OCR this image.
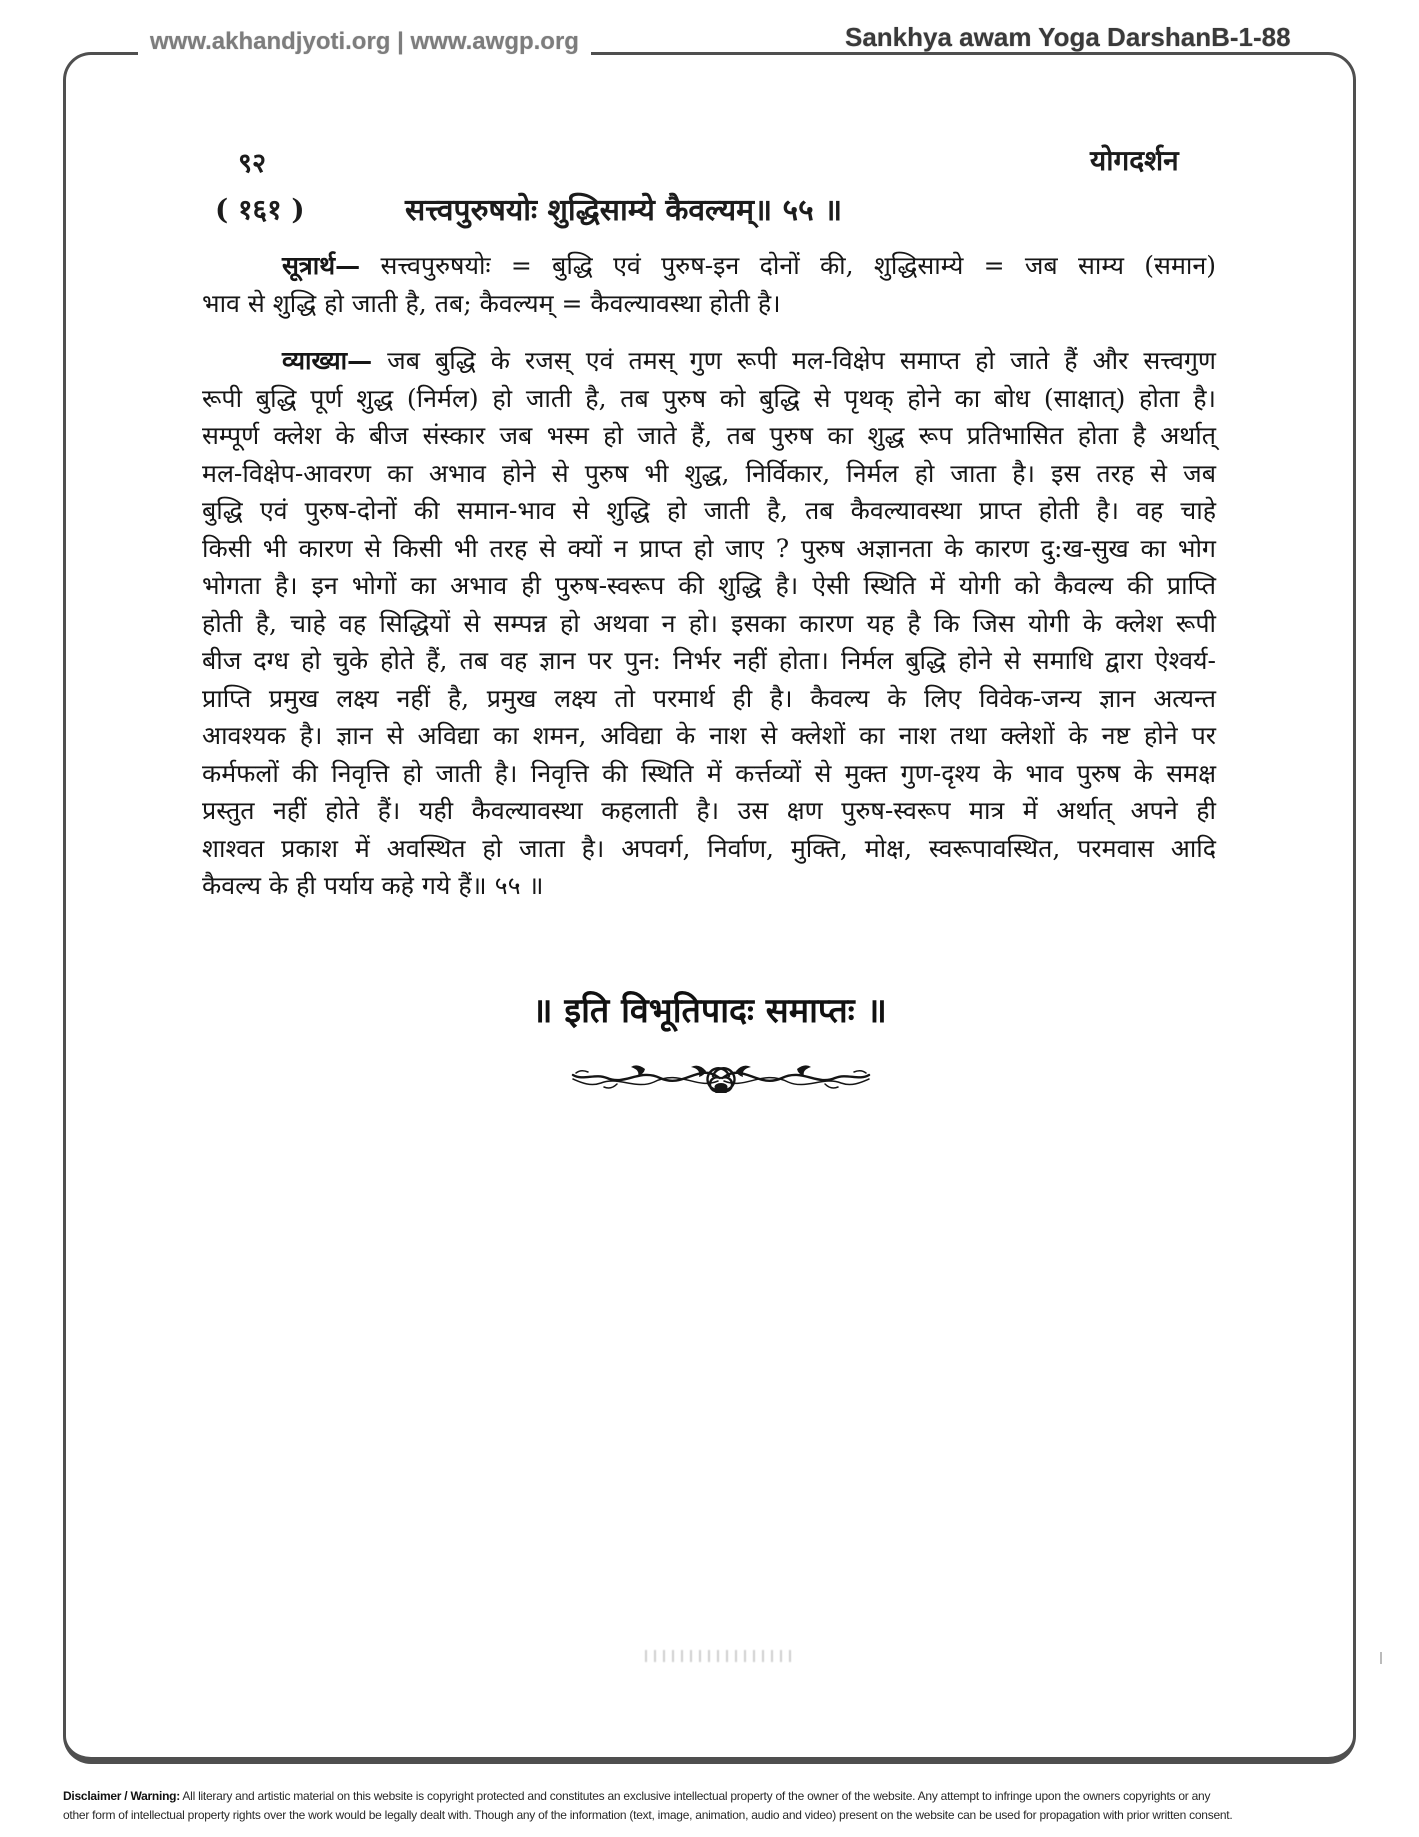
www.akhandjyoti.org | www.awgp.org	Sankhya awam Yoga DarshanB-1-88
९२	योगदर्शन
( १६१ )	सत्त्वपुरुषयोः शुद्धिसाम्ये कैवल्यम्॥ ५५ ॥
सूत्रार्थ— सत्त्वपुरुषयोः = बुद्धि एवं पुरुष-इन दोनों की, शुद्धिसाम्ये = जब साम्य (समान)
भाव से शुद्धि हो जाती है, तब; कैवल्यम् = कैवल्यावस्था होती है।
व्याख्या— जब बुद्धि के रजस् एवं तमस् गुण रूपी मल-विक्षेप समाप्त हो जाते हैं और सत्त्वगुण
रूपी बुद्धि पूर्ण शुद्ध (निर्मल) हो जाती है, तब पुरुष को बुद्धि से पृथक् होने का बोध (साक्षात्) होता है।
सम्पूर्ण क्लेश के बीज संस्कार जब भस्म हो जाते हैं, तब पुरुष का शुद्ध रूप प्रतिभासित होता है अर्थात्
मल-विक्षेप-आवरण का अभाव होने से पुरुष भी शुद्ध, निर्विकार, निर्मल हो जाता है। इस तरह से जब
बुद्धि एवं पुरुष-दोनों की समान-भाव से शुद्धि हो जाती है, तब कैवल्यावस्था प्राप्त होती है। वह चाहे
किसी भी कारण से किसी भी तरह से क्यों न प्राप्त हो जाए ? पुरुष अज्ञानता के कारण दु:ख-सुख का भोग
भोगता है। इन भोगों का अभाव ही पुरुष-स्वरूप की शुद्धि है। ऐसी स्थिति में योगी को कैवल्य की प्राप्ति
होती है, चाहे वह सिद्धियों से सम्पन्न हो अथवा न हो। इसका कारण यह है कि जिस योगी के क्लेश रूपी
बीज दग्ध हो चुके होते हैं, तब वह ज्ञान पर पुन: निर्भर नहीं होता। निर्मल बुद्धि होने से समाधि द्वारा ऐश्वर्य-
प्राप्ति प्रमुख लक्ष्य नहीं है, प्रमुख लक्ष्य तो परमार्थ ही है। कैवल्य के लिए विवेक-जन्य ज्ञान अत्यन्त
आवश्यक है। ज्ञान से अविद्या का शमन, अविद्या के नाश से क्लेशों का नाश तथा क्लेशों के नष्ट होने पर
कर्मफलों की निवृत्ति हो जाती है। निवृत्ति की स्थिति में कर्त्तव्यों से मुक्त गुण-दृश्य के भाव पुरुष के समक्ष
प्रस्तुत नहीं होते हैं। यही कैवल्यावस्था कहलाती है। उस क्षण पुरुष-स्वरूप मात्र में अर्थात् अपने ही
शाश्वत प्रकाश में अवस्थित हो जाता है। अपवर्ग, निर्वाण, मुक्ति, मोक्ष, स्वरूपावस्थित, परमवास आदि
कैवल्य के ही पर्याय कहे गये हैं॥ ५५ ॥
॥ इति विभूतिपादः समाप्तः ॥
Disclaimer / Warning: All literary and artistic material on this website is copyright protected and constitutes an exclusive intellectual property of the owner of the website. Any attempt to infringe upon the owners copyrights or any
other form of intellectual property rights over the work would be legally dealt with. Though any of the information (text, image, animation, audio and video) present on the website can be used for propagation with prior written consent.
